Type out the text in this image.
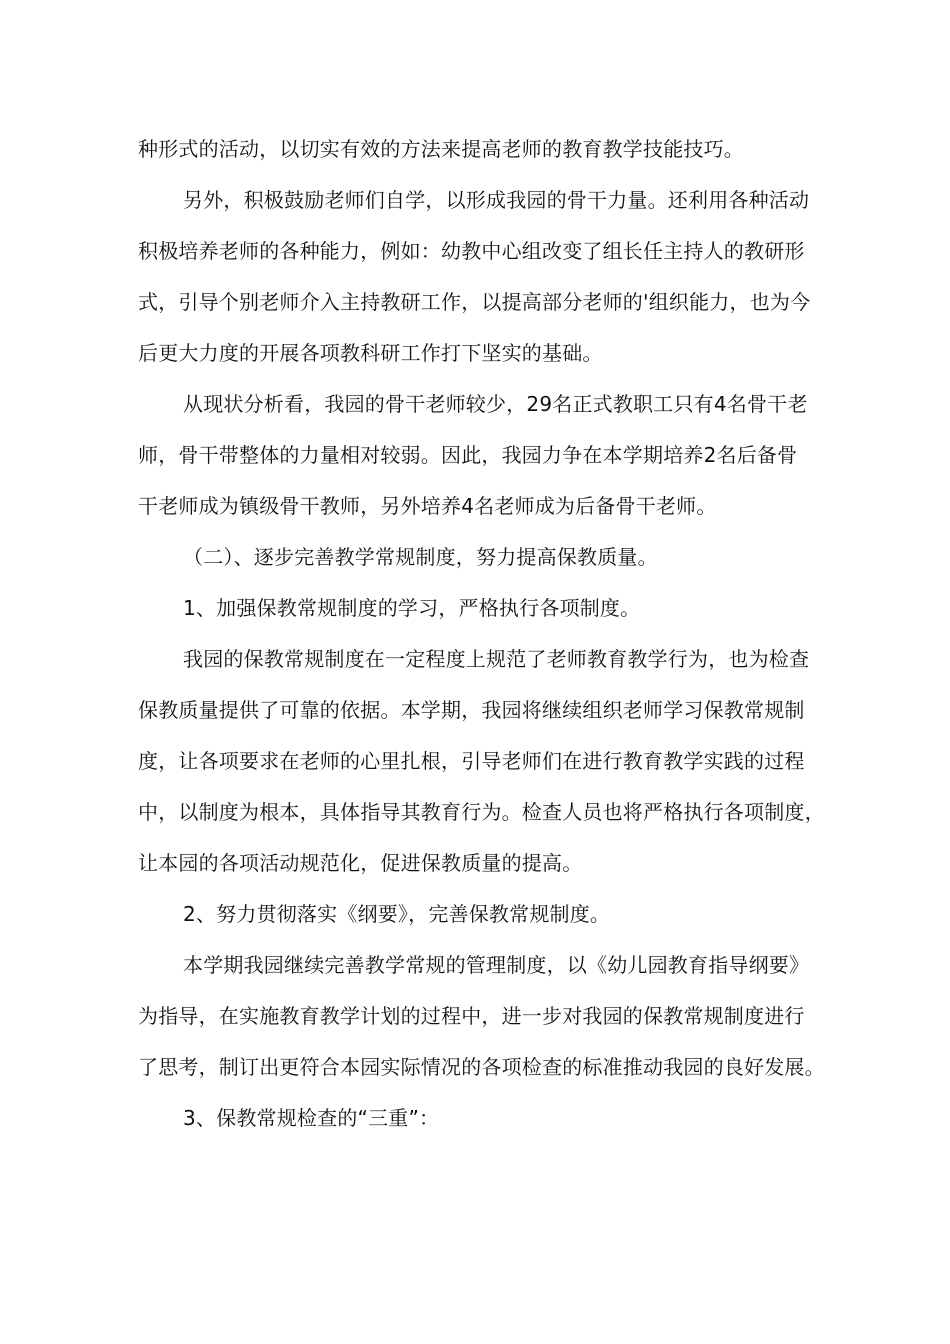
种形式的活动，以切实有效的方法来提高老师的教育教学技能技巧。
另外，积极鼓励老师们自学，以形成我园的骨干力量。还利用各种活动
积极培养老师的各种能力，例如：幼教中心组改变了组长任主持人的教研形
式，引导个别老师介入主持教研工作，以提高部分老师的'组织能力，也为今
后更大力度的开展各项教科研工作打下坚实的基础。
从现状分析看，我园的骨干老师较少，29名正式教职工只有4名骨干老
师，骨干带整体的力量相对较弱。因此，我园力争在本学期培养2名后备骨
干老师成为镇级骨干教师，另外培养4名老师成为后备骨干老师。
（二）、逐步完善教学常规制度，努力提高保教质量。
1、加强保教常规制度的学习，严格执行各项制度。
我园的保教常规制度在一定程度上规范了老师教育教学行为，也为检查
保教质量提供了可靠的依据。本学期，我园将继续组织老师学习保教常规制
度，让各项要求在老师的心里扎根，引导老师们在进行教育教学实践的过程
中，以制度为根本，具体指导其教育行为。检查人员也将严格执行各项制度，
让本园的各项活动规范化，促进保教质量的提高。
2、努力贯彻落实《纲要》，完善保教常规制度。
本学期我园继续完善教学常规的管理制度，以《幼儿园教育指导纲要》
为指导，在实施教育教学计划的过程中，进一步对我园的保教常规制度进行
了思考，制订出更符合本园实际情况的各项检查的标准推动我园的良好发展。
3、保教常规检查的“三重”：
